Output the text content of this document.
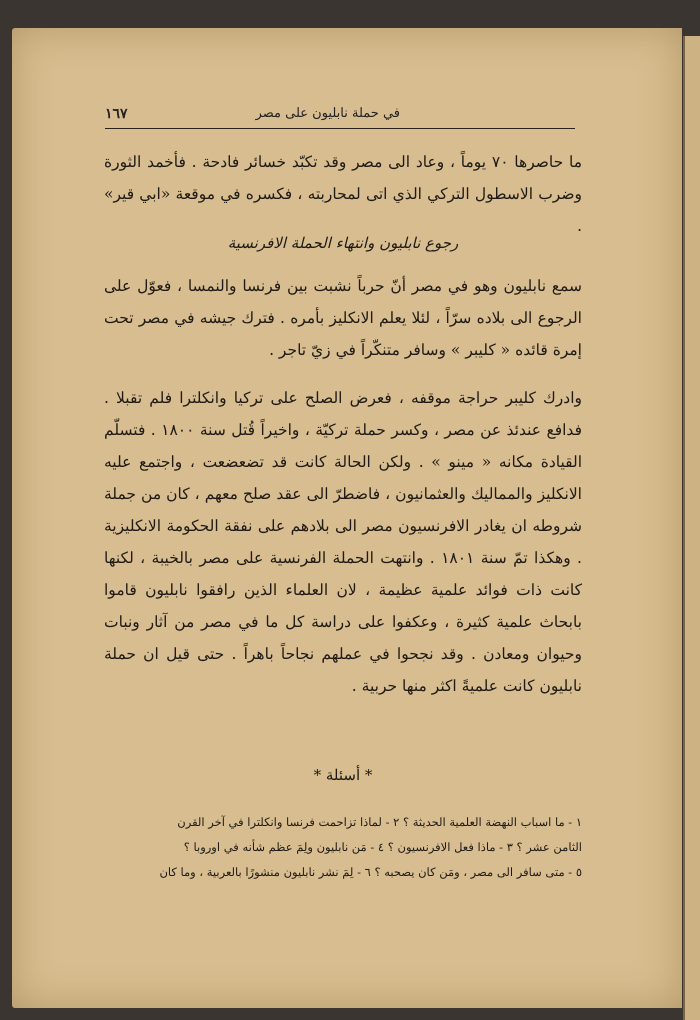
في حملة نابليون على مصر
١٦٧

ما حاصرها ٧٠ يوماً ، وعاد الى مصر وقد تكبّد خسائر فادحة . فأخمد الثورة وضرب الاسطول التركي الذي اتى لمحاربته ، فكسره في موقعة «ابي قير» .

رجوع نابليون وانتهاء الحملة الافرنسية

سمع نابليون وهو في مصر أنّ حرباً نشبت بين فرنسا والنمسا ، فعوّل على الرجوع الى بلاده سرّاً ، لئلا يعلم الانكليز بأمره . فترك جيشه في مصر تحت إمرة قائده « كليبر » وسافر متنكّراً في زيّ تاجر .

وادرك كليبر حراجة موقفه ، فعرض الصلح على تركيا وانكلترا فلم تقبلا . فدافع عندئذ عن مصر ، وكسر حملة تركيّة ، واخيراً قُتل سنة ١٨٠٠ . فتسلّم القيادة مكانه « مينو » . ولكن الحالة كانت قد تضعضعت ، واجتمع عليه الانكليز والمماليك والعثمانيون ، فاضطرّ الى عقد صلح معهم ، كان من جملة شروطه ان يغادر الافرنسيون مصر الى بلادهم على نفقة الحكومة الانكليزية . وهكذا تمّ سنة ١٨٠١ . وانتهت الحملة الفرنسية على مصر بالخيبة ، لكنها كانت ذات فوائد علمية عظيمة ، لان العلماء الذين رافقوا نابليون قاموا بابحاث علمية كثيرة ، وعكفوا على دراسة كل ما في مصر من آثار ونبات وحيوان ومعادن . وقد نجحوا في عملهم نجاحاً باهراً . حتى قيل ان حملة نابليون كانت علميةً اكثر منها حربية .

* أسئلة *

١ - ما اسباب النهضة العلمية الحديثة ؟ ٢ - لماذا تزاحمت فرنسا وانكلترا في آخر القرن

الثامن عشر ؟ ٣ - ماذا فعل الافرنسيون ؟ ٤ - مَن نابليون ولِمَ عظم شأنه في اوروبا ؟

٥ - متى سافر الى مصر ، ومَن كان يصحبه ؟ ٦ - لِمَ نشر نابليون منشورًا بالعربية ، وما كان
